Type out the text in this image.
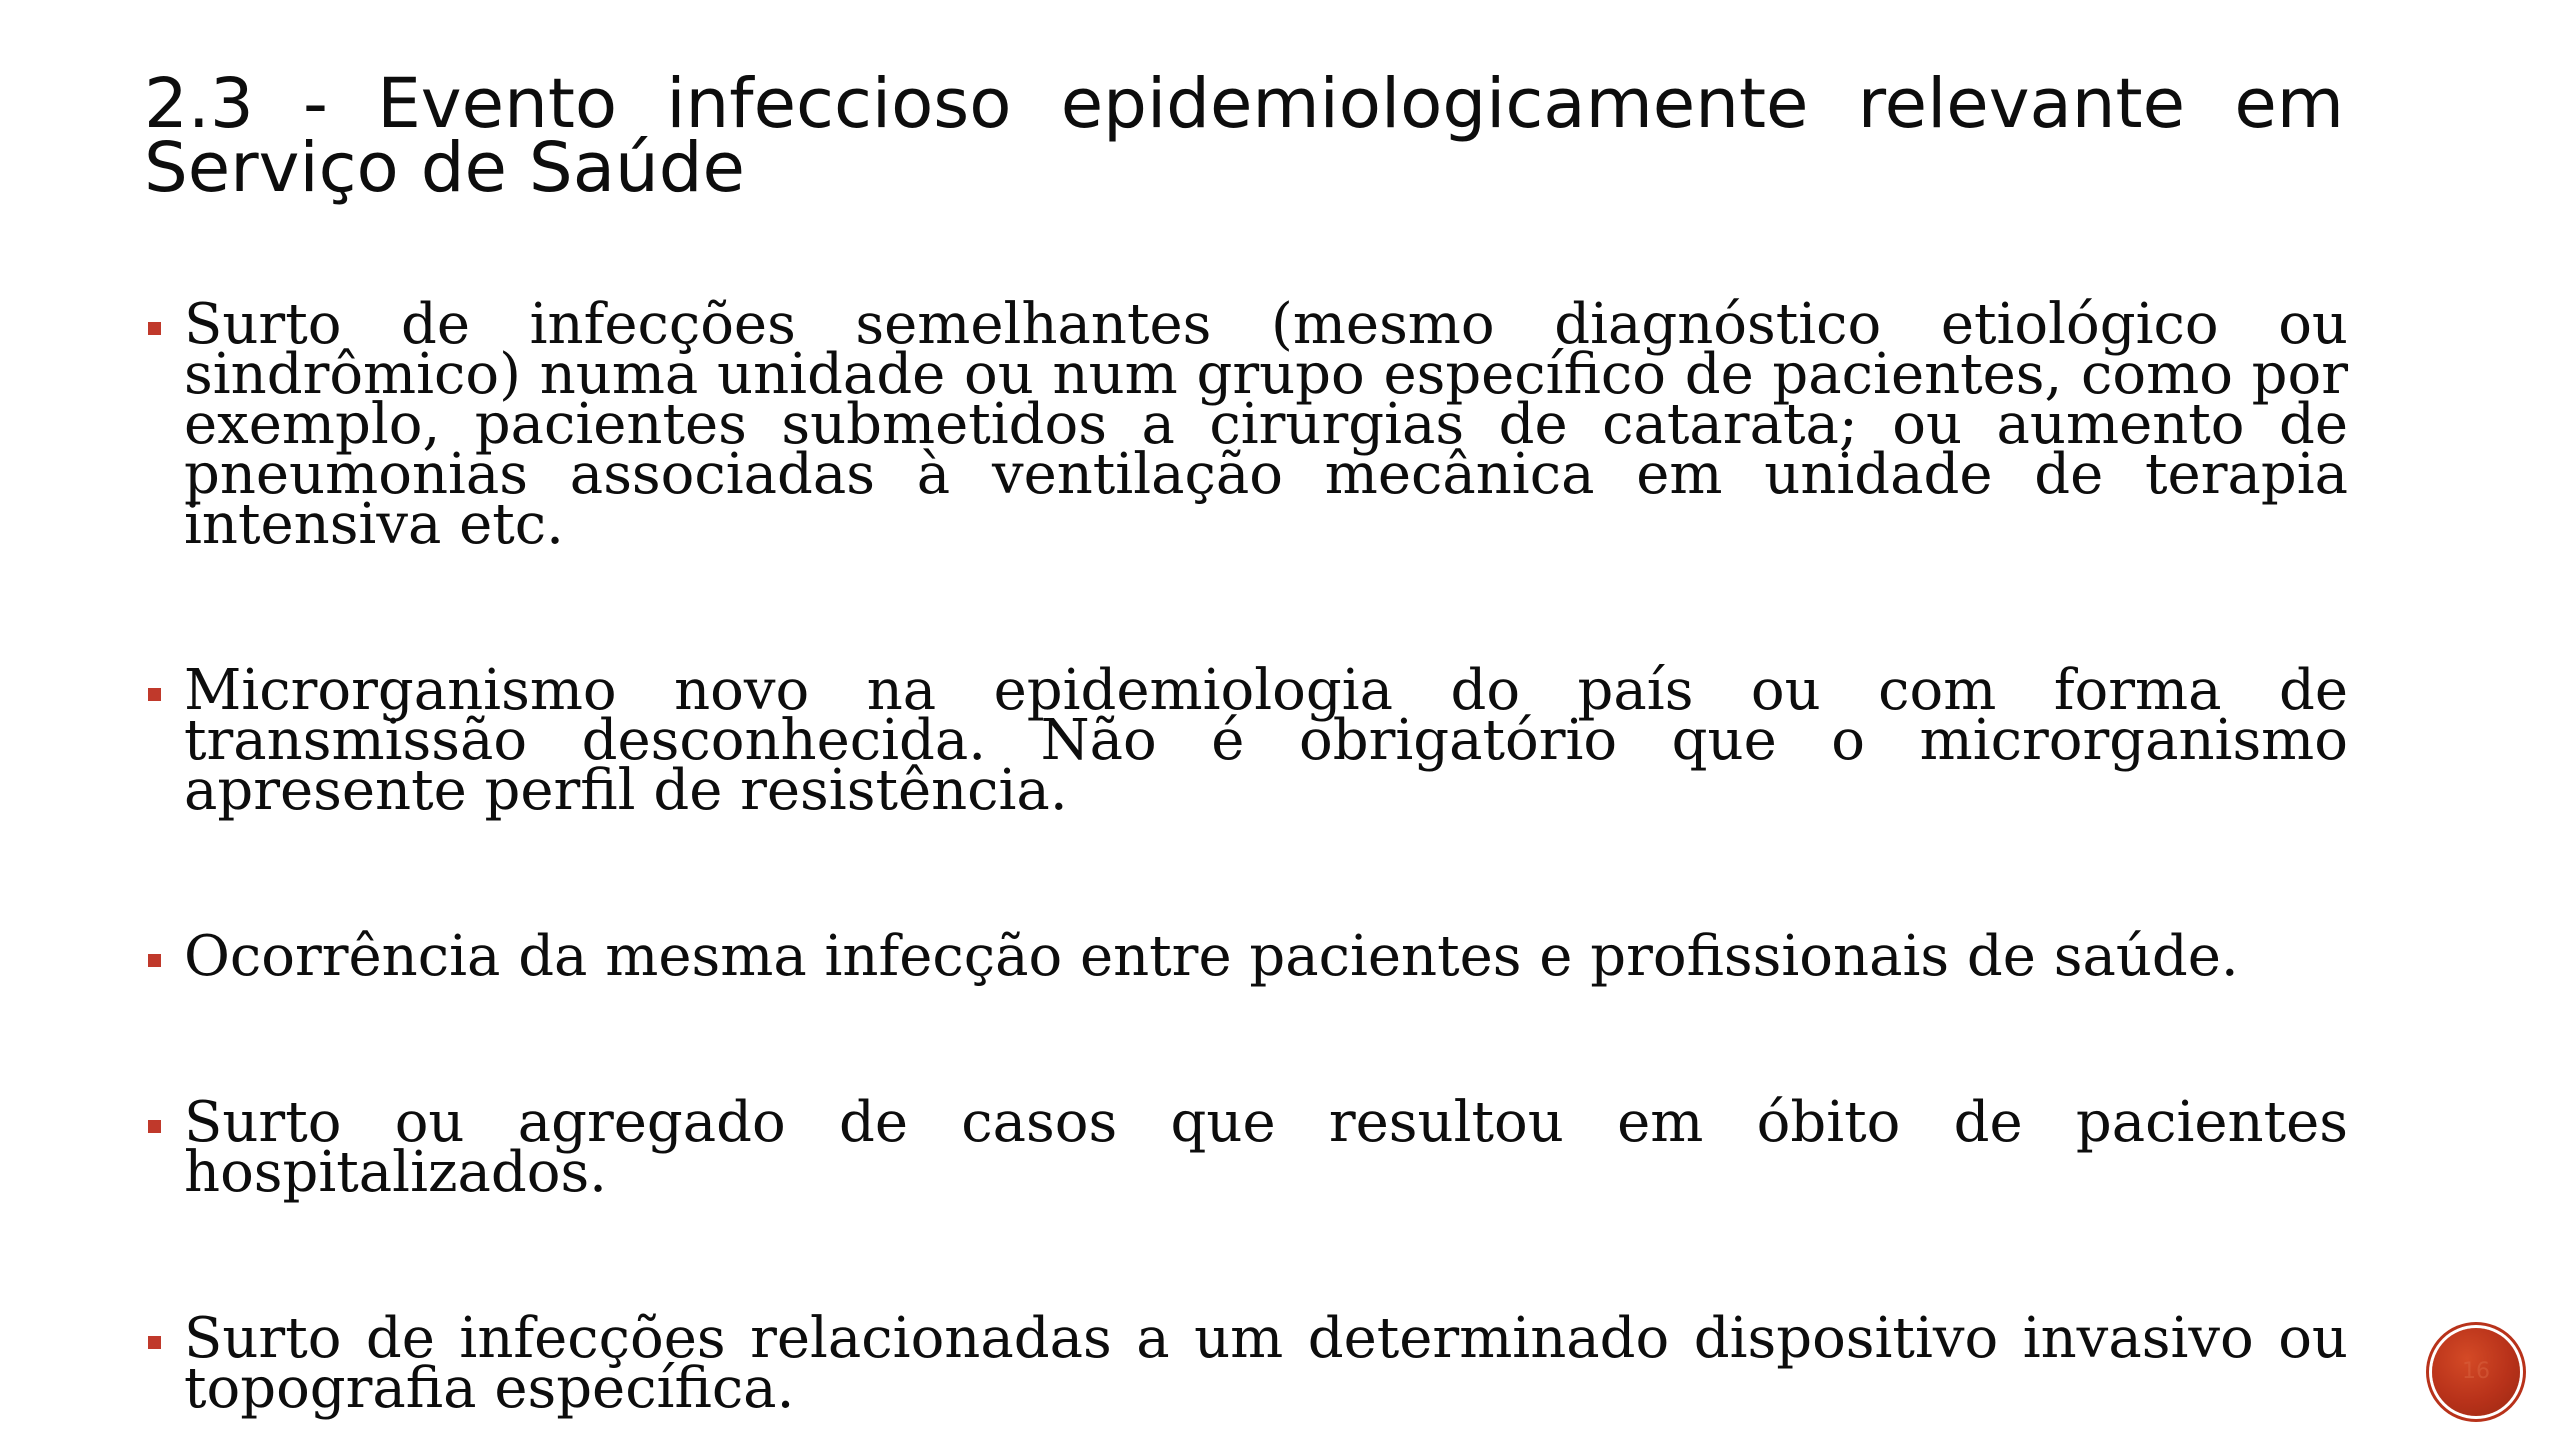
2.3 - Evento infeccioso epidemiologicamente relevante em Serviço de Saúde
Surto de infecções semelhantes (mesmo diagnóstico etiológico ou sindrômico) numa unidade ou num grupo específico de pacientes, como por exemplo, pacientes submetidos a cirurgias de catarata; ou aumento de pneumonias associadas à ventilação mecânica em unidade de terapia intensiva etc.
Microrganismo novo na epidemiologia do país ou com forma de transmissão desconhecida. Não é obrigatório que o microrganismo apresente perfil de resistência.
Ocorrência da mesma infecção entre pacientes e profissionais de saúde.
Surto ou agregado de casos que resultou em óbito de pacientes hospitalizados.
Surto de infecções relacionadas a um determinado dispositivo invasivo ou topografia específica.	16
